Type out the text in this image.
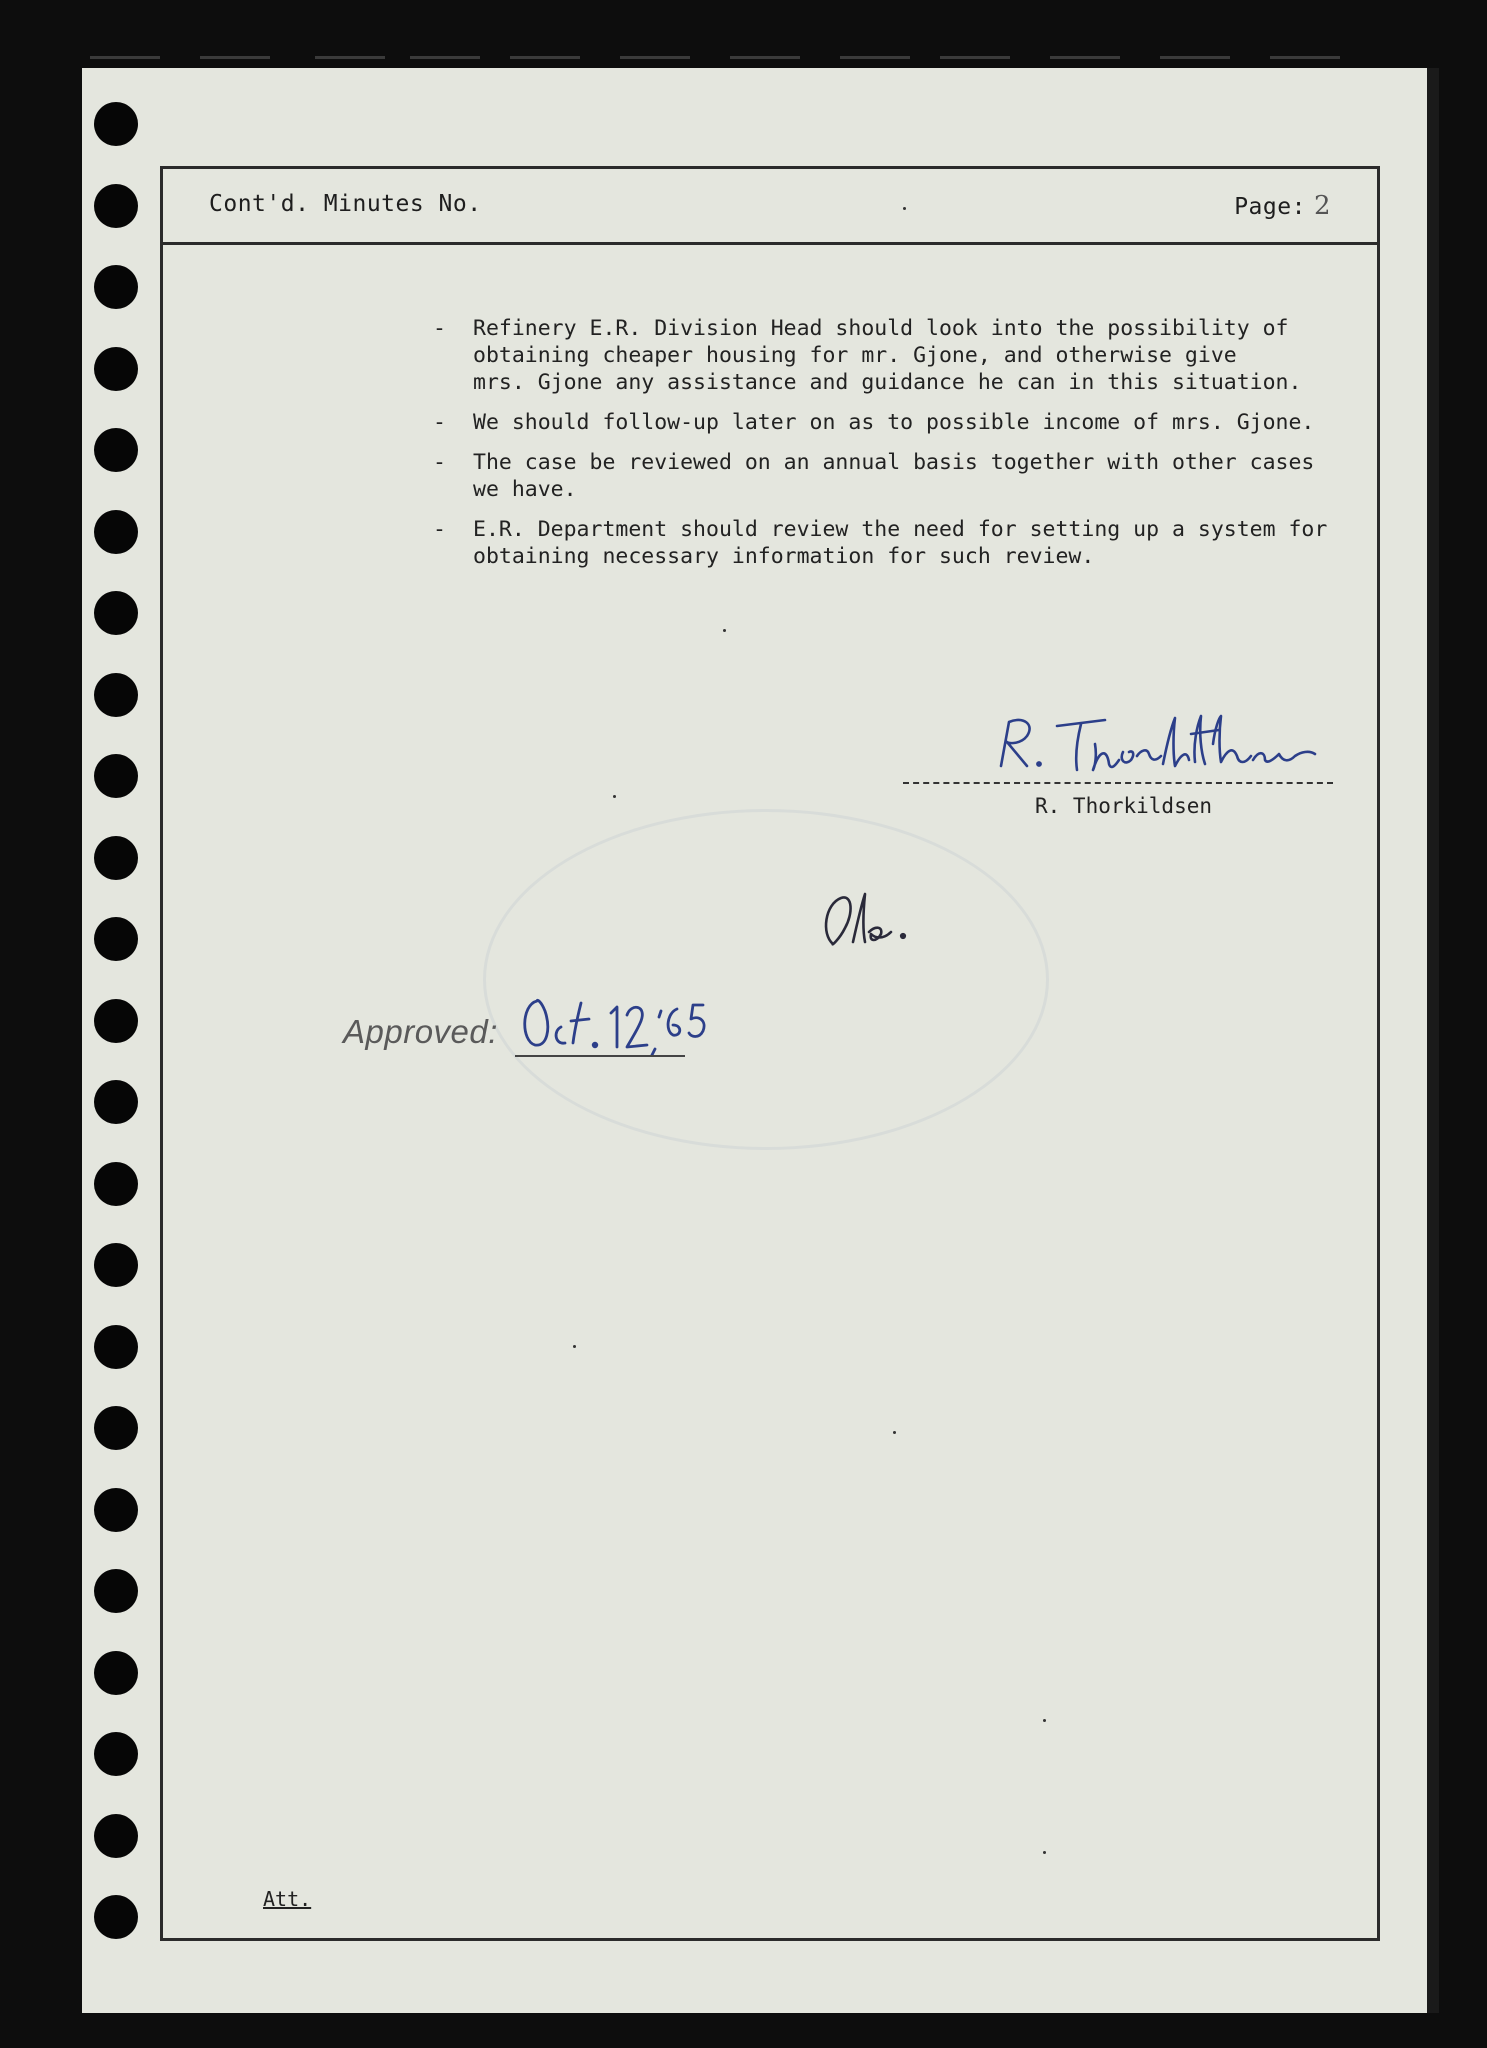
Cont'd. Minutes No.	Page: 2
- Refinery E.R. Division Head should look into the possibility of
obtaining cheaper housing for mr. Gjone, and otherwise give
mrs. Gjone any assistance and guidance he can in this situation.
- We should follow-up later on as to possible income of mrs. Gjone.
- The case be reviewed on an annual basis together with other cases
we have.
- E.R. Department should review the need for setting up a system for
obtaining necessary information for such review.
R. Thorkildsen
Approved:
Att.
